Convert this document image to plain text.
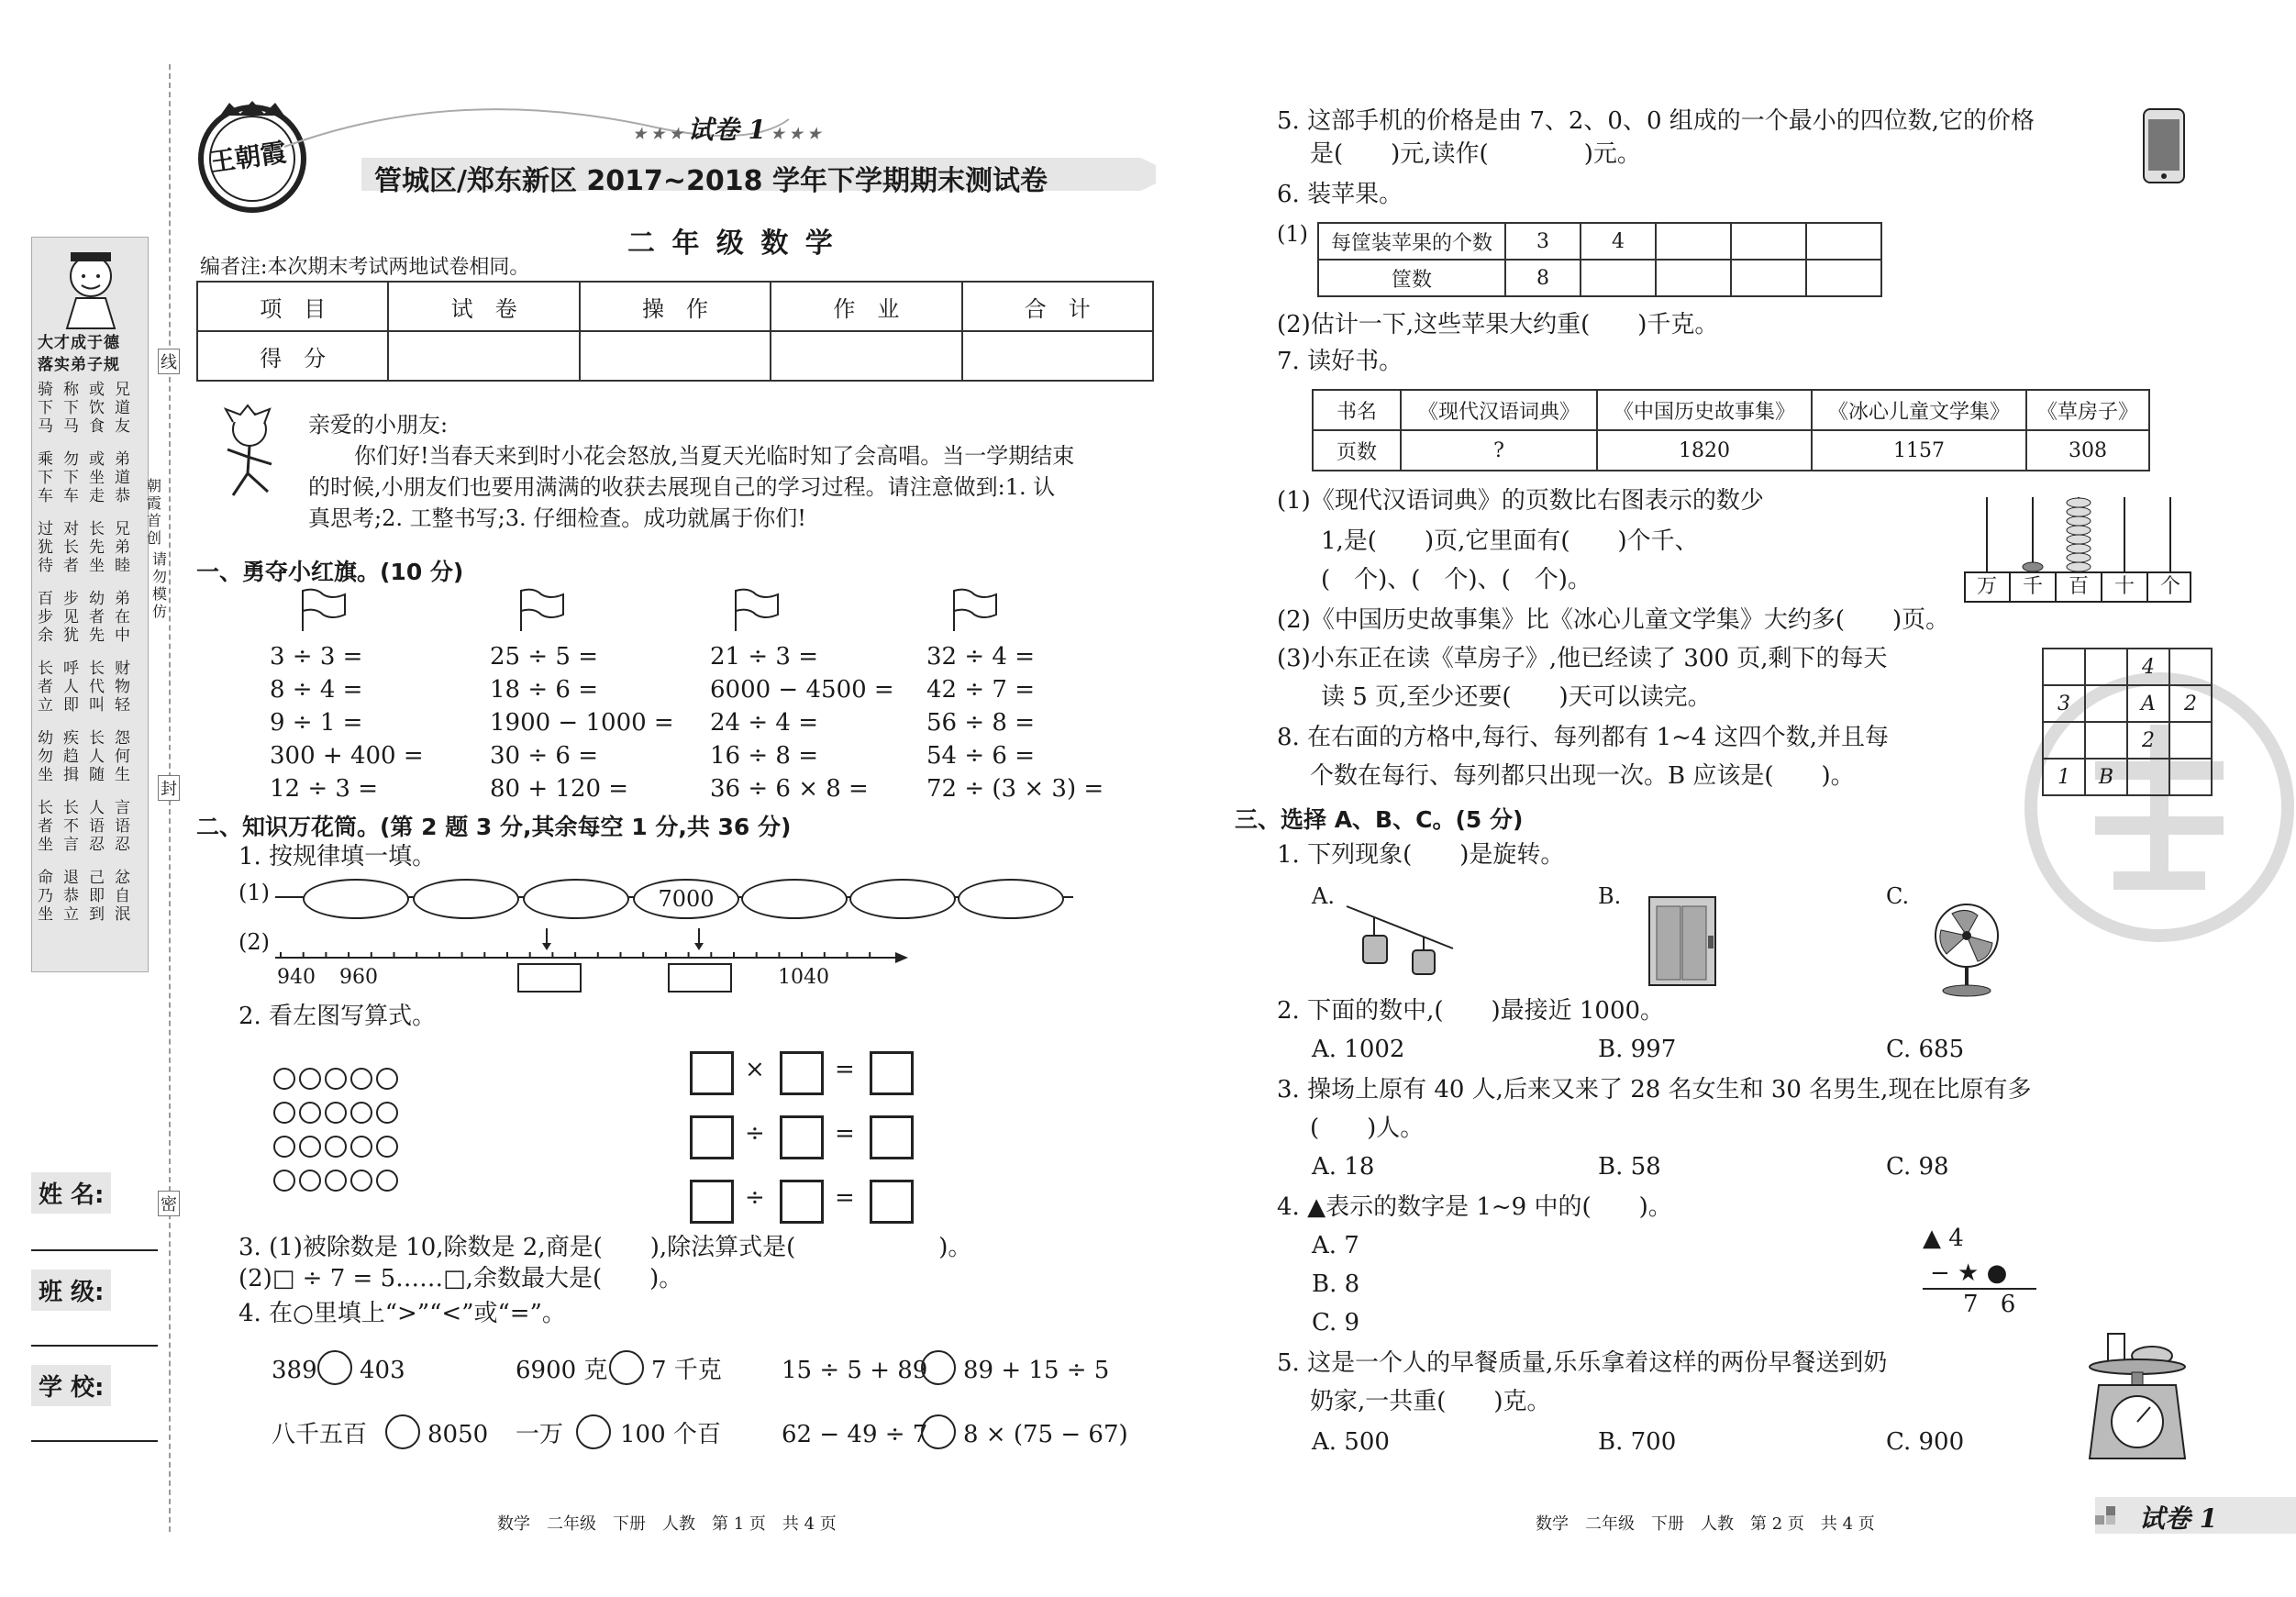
大才成于德
落实弟子规
骑下马
称下马
或饮食
兄道友
乘下车
勿下车
或坐走
弟道恭
过犹待
对长者
长先坐
兄弟睦
百步余
步见犹
幼者先
弟在中
长者立
呼人即
长代叫
财物轻
幼勿坐
疾趋揖
长人随
怨何生
长者坐
长不言
人语忍
言语忍
命乃坐
退恭立
己即到
忿自泯
线
朝霞首创
请勿模仿
封
密
姓 名:
班 级:
学 校:
王朝霞
★ ★ ★ 试卷 1 ★ ★ ★
管城区/郑东新区 2017~2018 学年下学期期末测试卷
二 年 级 数 学
编者注:本次期末考试两地试卷相同。
项　目	试　卷	操　作	作　业	合　计
得　分				
亲爱的小朋友:
你们好!当春天来到时小花会怒放,当夏天光临时知了会高唱。当一学期结束
的时候,小朋友们也要用满满的收获去展现自己的学习过程。请注意做到:1. 认
真思考;2. 工整书写;3. 仔细检查。成功就属于你们!
一、勇夺小红旗。(10 分)
3 ÷ 3 =
8 ÷ 4 =
9 ÷ 1 =
300 + 400 =
12 ÷ 3 =
25 ÷ 5 =
18 ÷ 6 =
1900 − 1000 =
30 ÷ 6 =
80 + 120 =
21 ÷ 3 =
6000 − 4500 =
24 ÷ 4 =
16 ÷ 8 =
36 ÷ 6 × 8 =
32 ÷ 4 =
42 ÷ 7 =
56 ÷ 8 =
54 ÷ 6 =
72 ÷ (3 × 3) =
二、知识万花筒。(第 2 题 3 分,其余每空 1 分,共 36 分)
1. 按规律填一填。
(1)	7000
(2)
940 960	1040
2. 看左图写算式。
×	=
÷	=
÷	=
3. (1)被除数是 10,除数是 2,商是(　　),除法算式是(　　　　　　)。
(2)□ ÷ 7 = 5……□,余数最大是(　　)。
4. 在○里填上“>”“<”或“=”。
389 403	6900 克 7 千克	15 ÷ 5 + 89 89 + 15 ÷ 5
八千五百	8050 一万 100 个百	62 − 49 ÷ 7 8 × (75 − 67)
数学　二年级　下册　人教　第 1 页　共 4 页
5. 这部手机的价格是由 7、2、0、0 组成的一个最小的四位数,它的价格
是(　　)元,读作(　　　　)元。
6. 装苹果。
(1) 每筐装苹果的个数	3	4			
筐数	8				
(2)估计一下,这些苹果大约重(　　)千克。
7. 读好书。
书名	《现代汉语词典》	《中国历史故事集》	《冰心儿童文学集》	《草房子》
页数	?	1820	1157	308
(1)《现代汉语词典》的页数比右图表示的数少
1,是(　　)页,它里面有(　　)个千、
(　个)、(　个)、(　个)。	万 千 百 十 个
(2)《中国历史故事集》比《冰心儿童文学集》大约多(　　)页。
(3)小东正在读《草房子》,他已经读了 300 页,剩下的每天
读 5 页,至少还要(　　)天可以读完。
8. 在右面的方格中,每行、每列都有 1~4 这四个数,并且每
个数在每行、每列都只出现一次。B 应该是(　　)。
		4	
3		A	2
		2	
1	B		
三、选择 A、B、C。(5 分)
1. 下列现象(　　)是旋转。
A.	B.	C.
2. 下面的数中,(　　)最接近 1000。
A. 1002	B. 997	C. 685
3. 操场上原有 40 人,后来又来了 28 名女生和 30 名男生,现在比原有多
(　　)人。
A. 18	B. 58	C. 98
4. ▲表示的数字是 1~9 中的(　　)。
A. 7
B. 8
C. 9
▲ 4
− ★ ●
7 6
5. 这是一个人的早餐质量,乐乐拿着这样的两份早餐送到奶
奶家,一共重(　　)克。
A. 500	B. 700	C. 900
数学　二年级　下册　人教　第 2 页　共 4 页	试卷 1
